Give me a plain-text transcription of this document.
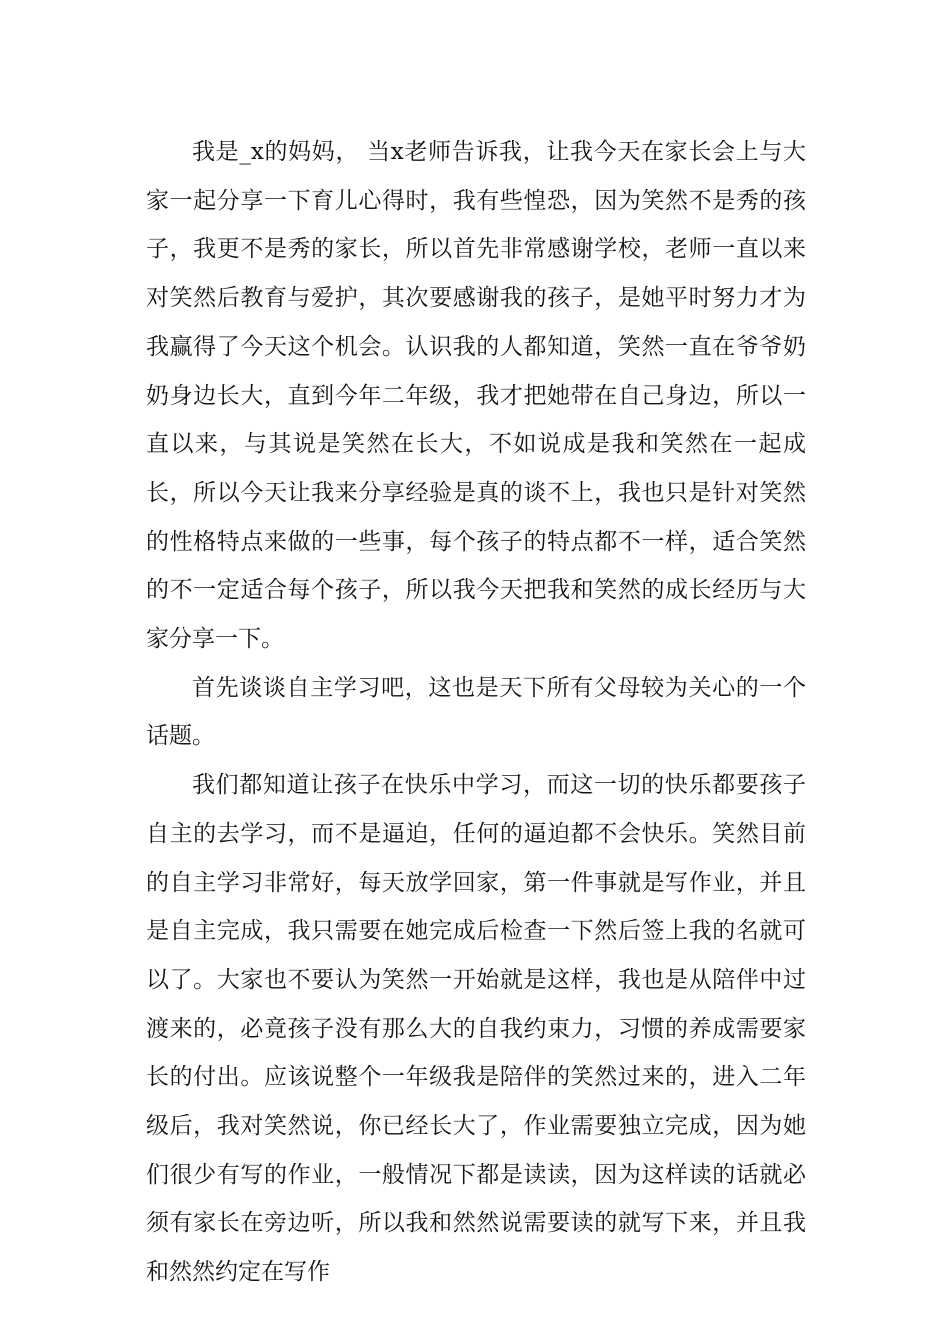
我是_x的妈妈， 当x老师告诉我，让我今天在家长会上与大家一起分享一下育儿心得时，我有些惶恐，因为笑然不是秀的孩子，我更不是秀的家长，所以首先非常感谢学校，老师一直以来对笑然后教育与爱护，其次要感谢我的孩子，是她平时努力才为我赢得了今天这个机会。认识我的人都知道，笑然一直在爷爷奶奶身边长大，直到今年二年级，我才把她带在自己身边，所以一直以来，与其说是笑然在长大，不如说成是我和笑然在一起成长，所以今天让我来分享经验是真的谈不上，我也只是针对笑然的性格特点来做的一些事，每个孩子的特点都不一样，适合笑然的不一定适合每个孩子，所以我今天把我和笑然的成长经历与大家分享一下。

首先谈谈自主学习吧，这也是天下所有父母较为关心的一个话题。

我们都知道让孩子在快乐中学习，而这一切的快乐都要孩子自主的去学习，而不是逼迫，任何的逼迫都不会快乐。笑然目前的自主学习非常好，每天放学回家，第一件事就是写作业，并且是自主完成，我只需要在她完成后检查一下然后签上我的名就可以了。大家也不要认为笑然一开始就是这样，我也是从陪伴中过渡来的，必竟孩子没有那么大的自我约束力，习惯的养成需要家长的付出。应该说整个一年级我是陪伴的笑然过来的，进入二年级后，我对笑然说，你已经长大了，作业需要独立完成，因为她们很少有写的作业，一般情况下都是读读，因为这样读的话就必须有家长在旁边听，所以我和然然说需要读的就写下来，并且我和然然约定在写作
